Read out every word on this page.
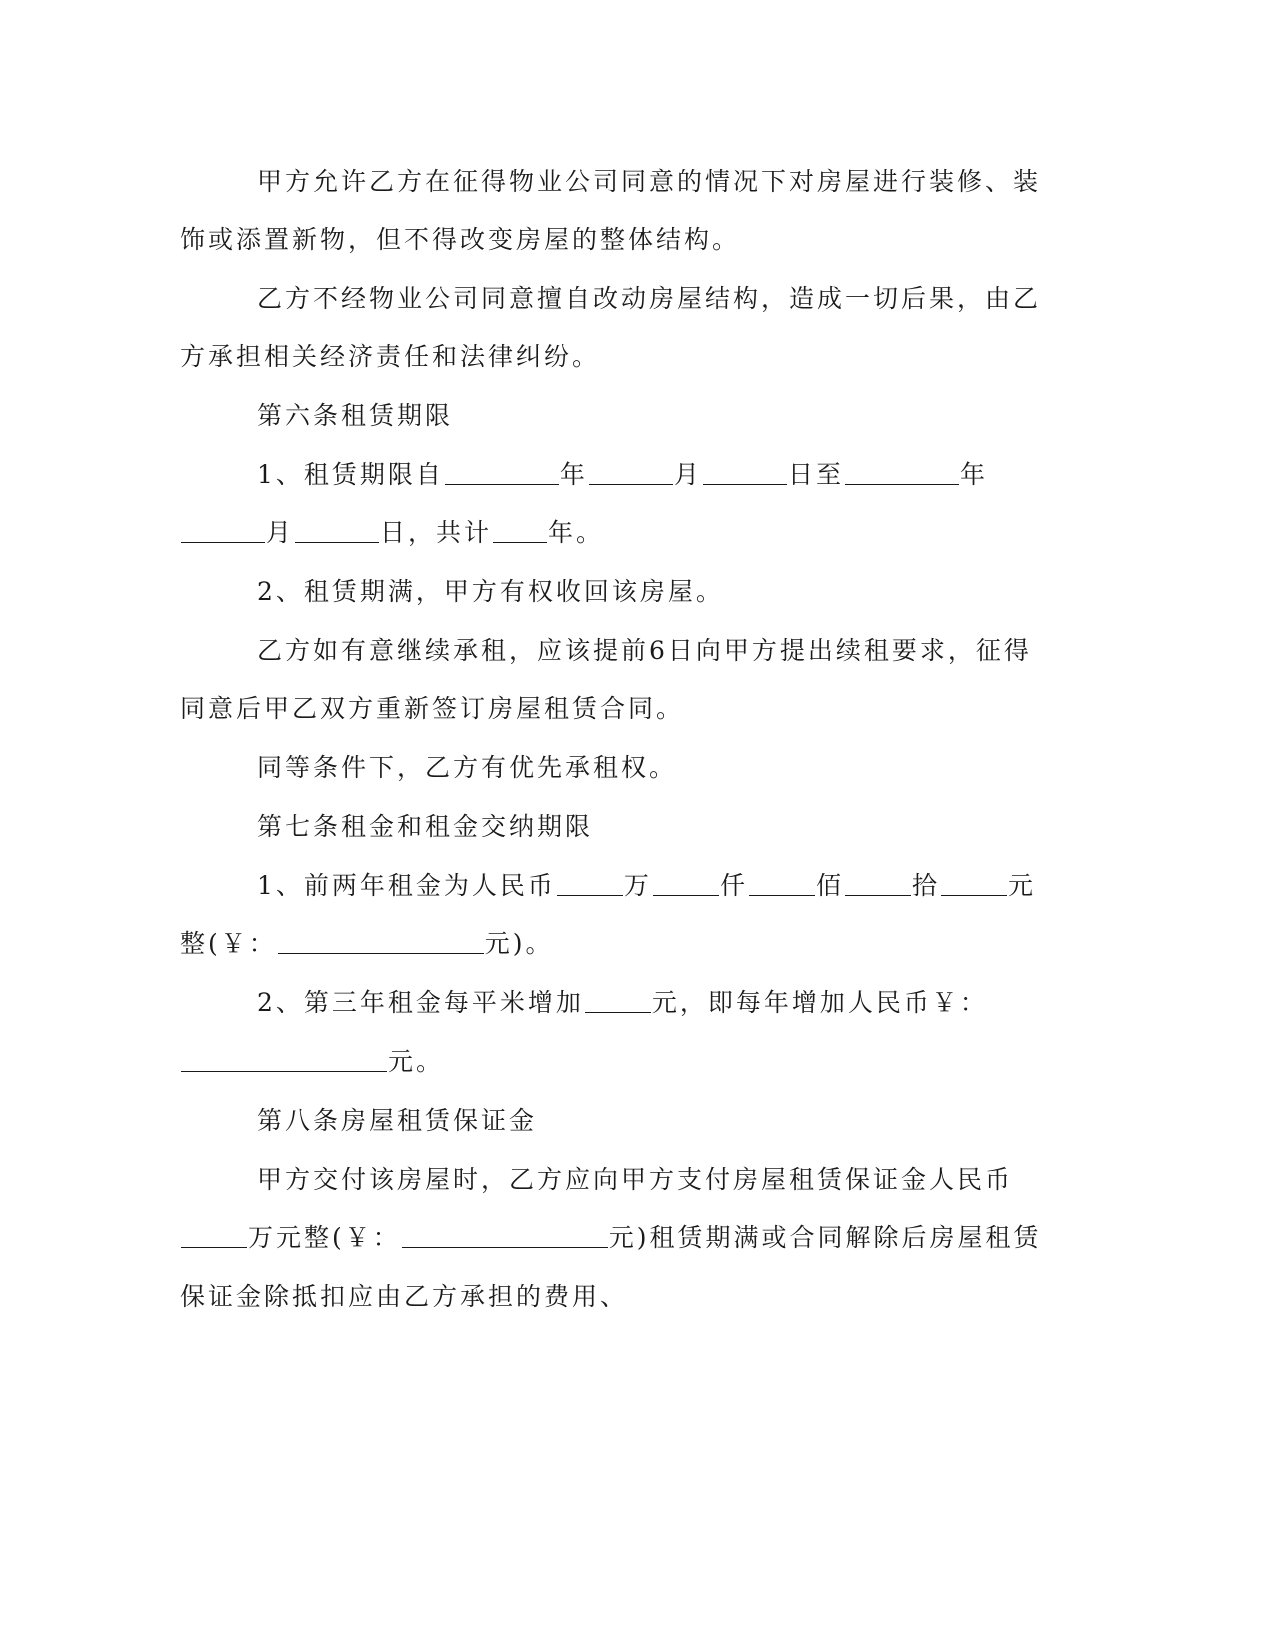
甲方允许乙方在征得物业公司同意的情况下对房屋进行装修、装
饰或添置新物，但不得改变房屋的整体结构。
乙方不经物业公司同意擅自改动房屋结构，造成一切后果，由乙
方承担相关经济责任和法律纠纷。
第六条租赁期限
1、租赁期限自	年	月	日至	年
月	日，共计 年。
2、租赁期满，甲方有权收回该房屋。
乙方如有意继续承租，应该提前6日向甲方提出续租要求，征得
同意后甲乙双方重新签订房屋租赁合同。
同等条件下，乙方有优先承租权。
第七条租金和租金交纳期限
1、前两年租金为人民币	万	仟	佰	拾	元
整(￥：	元)。
2、第三年租金每平米增加	元，即每年增加人民币￥：
元。
第八条房屋租赁保证金
甲方交付该房屋时，乙方应向甲方支付房屋租赁保证金人民币
万元整(￥：	元)租赁期满或合同解除后房屋租赁
保证金除抵扣应由乙方承担的费用、
